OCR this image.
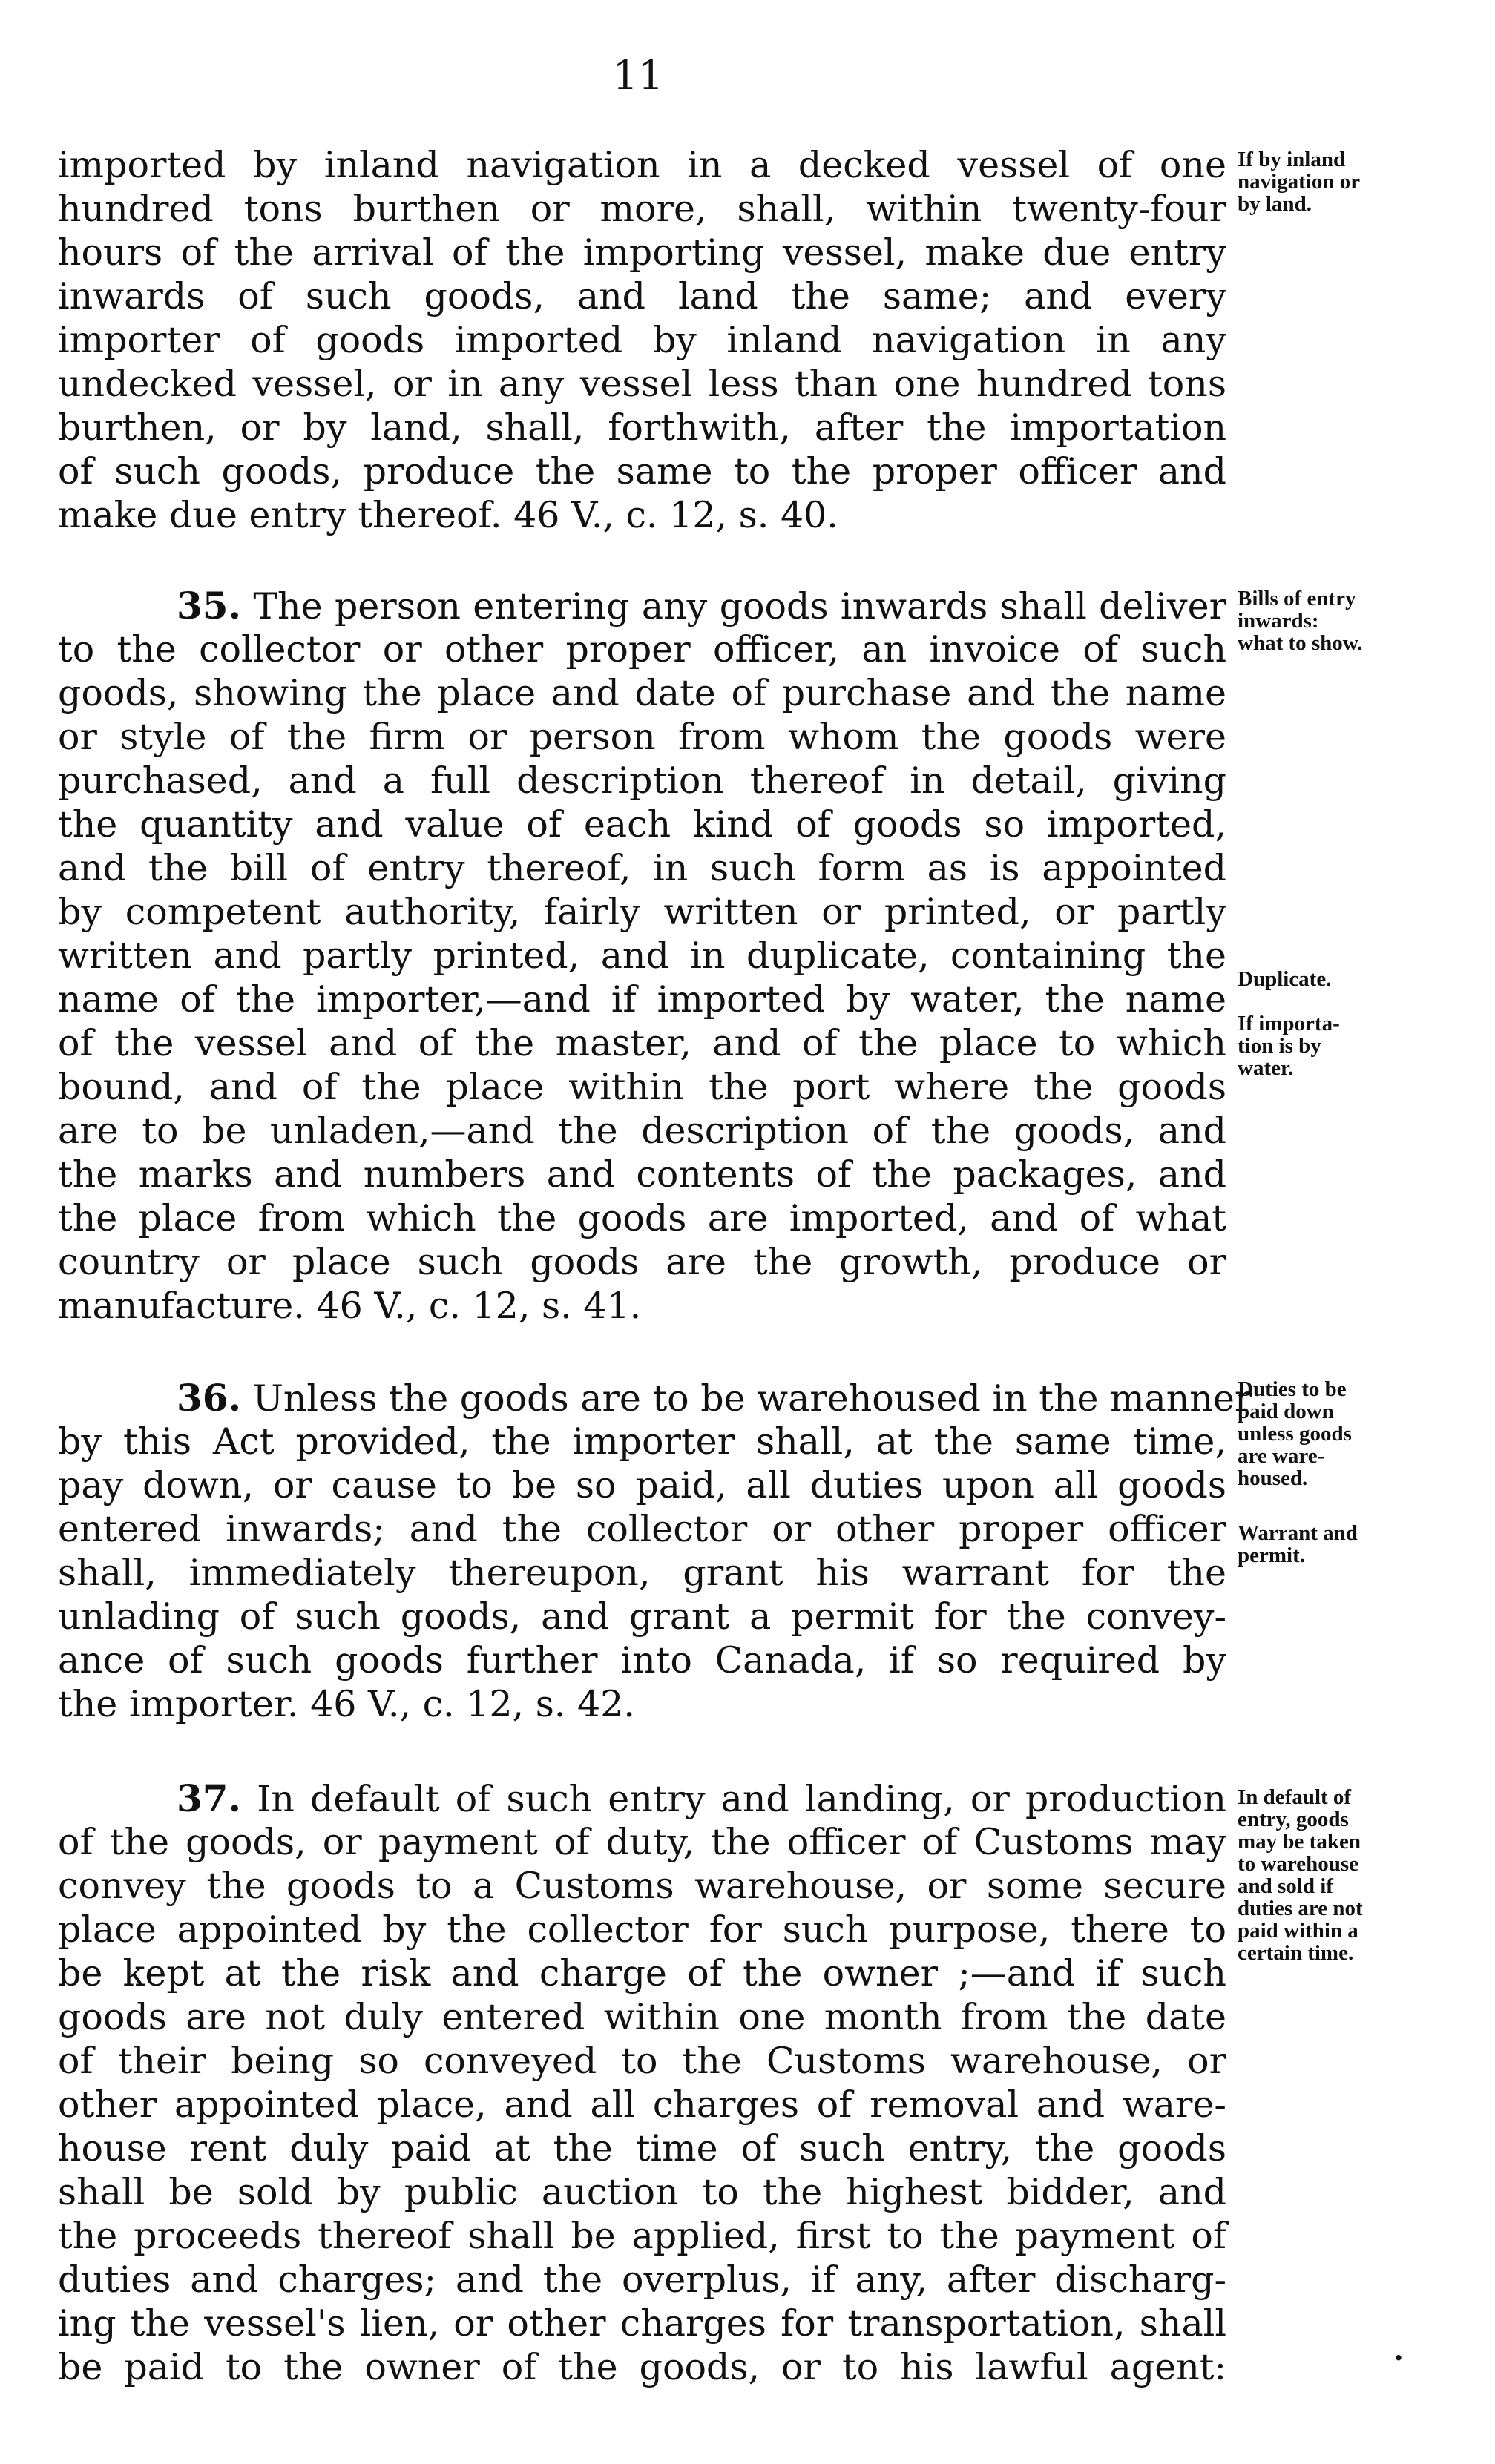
11
imported by inland navigation in a decked vessel of one
hundred tons burthen or more, shall, within twenty-four
hours of the arrival of the importing vessel, make due entry
inwards of such goods, and land the same; and every
importer of goods imported by inland navigation in any
undecked vessel, or in any vessel less than one hundred tons
burthen, or by land, shall, forthwith, after the importation
of such goods, produce the same to the proper officer and
make due entry thereof. 46 V., c. 12, s. 40.
35. The person entering any goods inwards shall deliver
to the collector or other proper officer, an invoice of such
goods, showing the place and date of purchase and the name
or style of the firm or person from whom the goods were
purchased, and a full description thereof in detail, giving
the quantity and value of each kind of goods so imported,
and the bill of entry thereof, in such form as is appointed
by competent authority, fairly written or printed, or partly
written and partly printed, and in duplicate, containing the
name of the importer,—and if imported by water, the name
of the vessel and of the master, and of the place to which
bound, and of the place within the port where the goods
are to be unladen,—and the description of the goods, and
the marks and numbers and contents of the packages, and
the place from which the goods are imported, and of what
country or place such goods are the growth, produce or
manufacture. 46 V., c. 12, s. 41.
36. Unless the goods are to be warehoused in the manner
by this Act provided, the importer shall, at the same time,
pay down, or cause to be so paid, all duties upon all goods
entered inwards; and the collector or other proper officer
shall, immediately thereupon, grant his warrant for the
unlading of such goods, and grant a permit for the convey-
ance of such goods further into Canada, if so required by
the importer. 46 V., c. 12, s. 42.
37. In default of such entry and landing, or production
of the goods, or payment of duty, the officer of Customs may
convey the goods to a Customs warehouse, or some secure
place appointed by the collector for such purpose, there to
be kept at the risk and charge of the owner ;—and if such
goods are not duly entered within one month from the date
of their being so conveyed to the Customs warehouse, or
other appointed place, and all charges of removal and ware-
house rent duly paid at the time of such entry, the goods
shall be sold by public auction to the highest bidder, and
the proceeds thereof shall be applied, first to the payment of
duties and charges; and the overplus, if any, after discharg-
ing the vessel's lien, or other charges for transportation, shall
be paid to the owner of the goods, or to his lawful agent:
If by inland
navigation or
by land.
Bills of entry
inwards:
what to show.
Duplicate.
If importa-
tion is by
water.
Duties to be
paid down
unless goods
are ware-
housed.
Warrant and
permit.
In default of
entry, goods
may be taken
to warehouse
and sold if
duties are not
paid within a
certain time.
·
